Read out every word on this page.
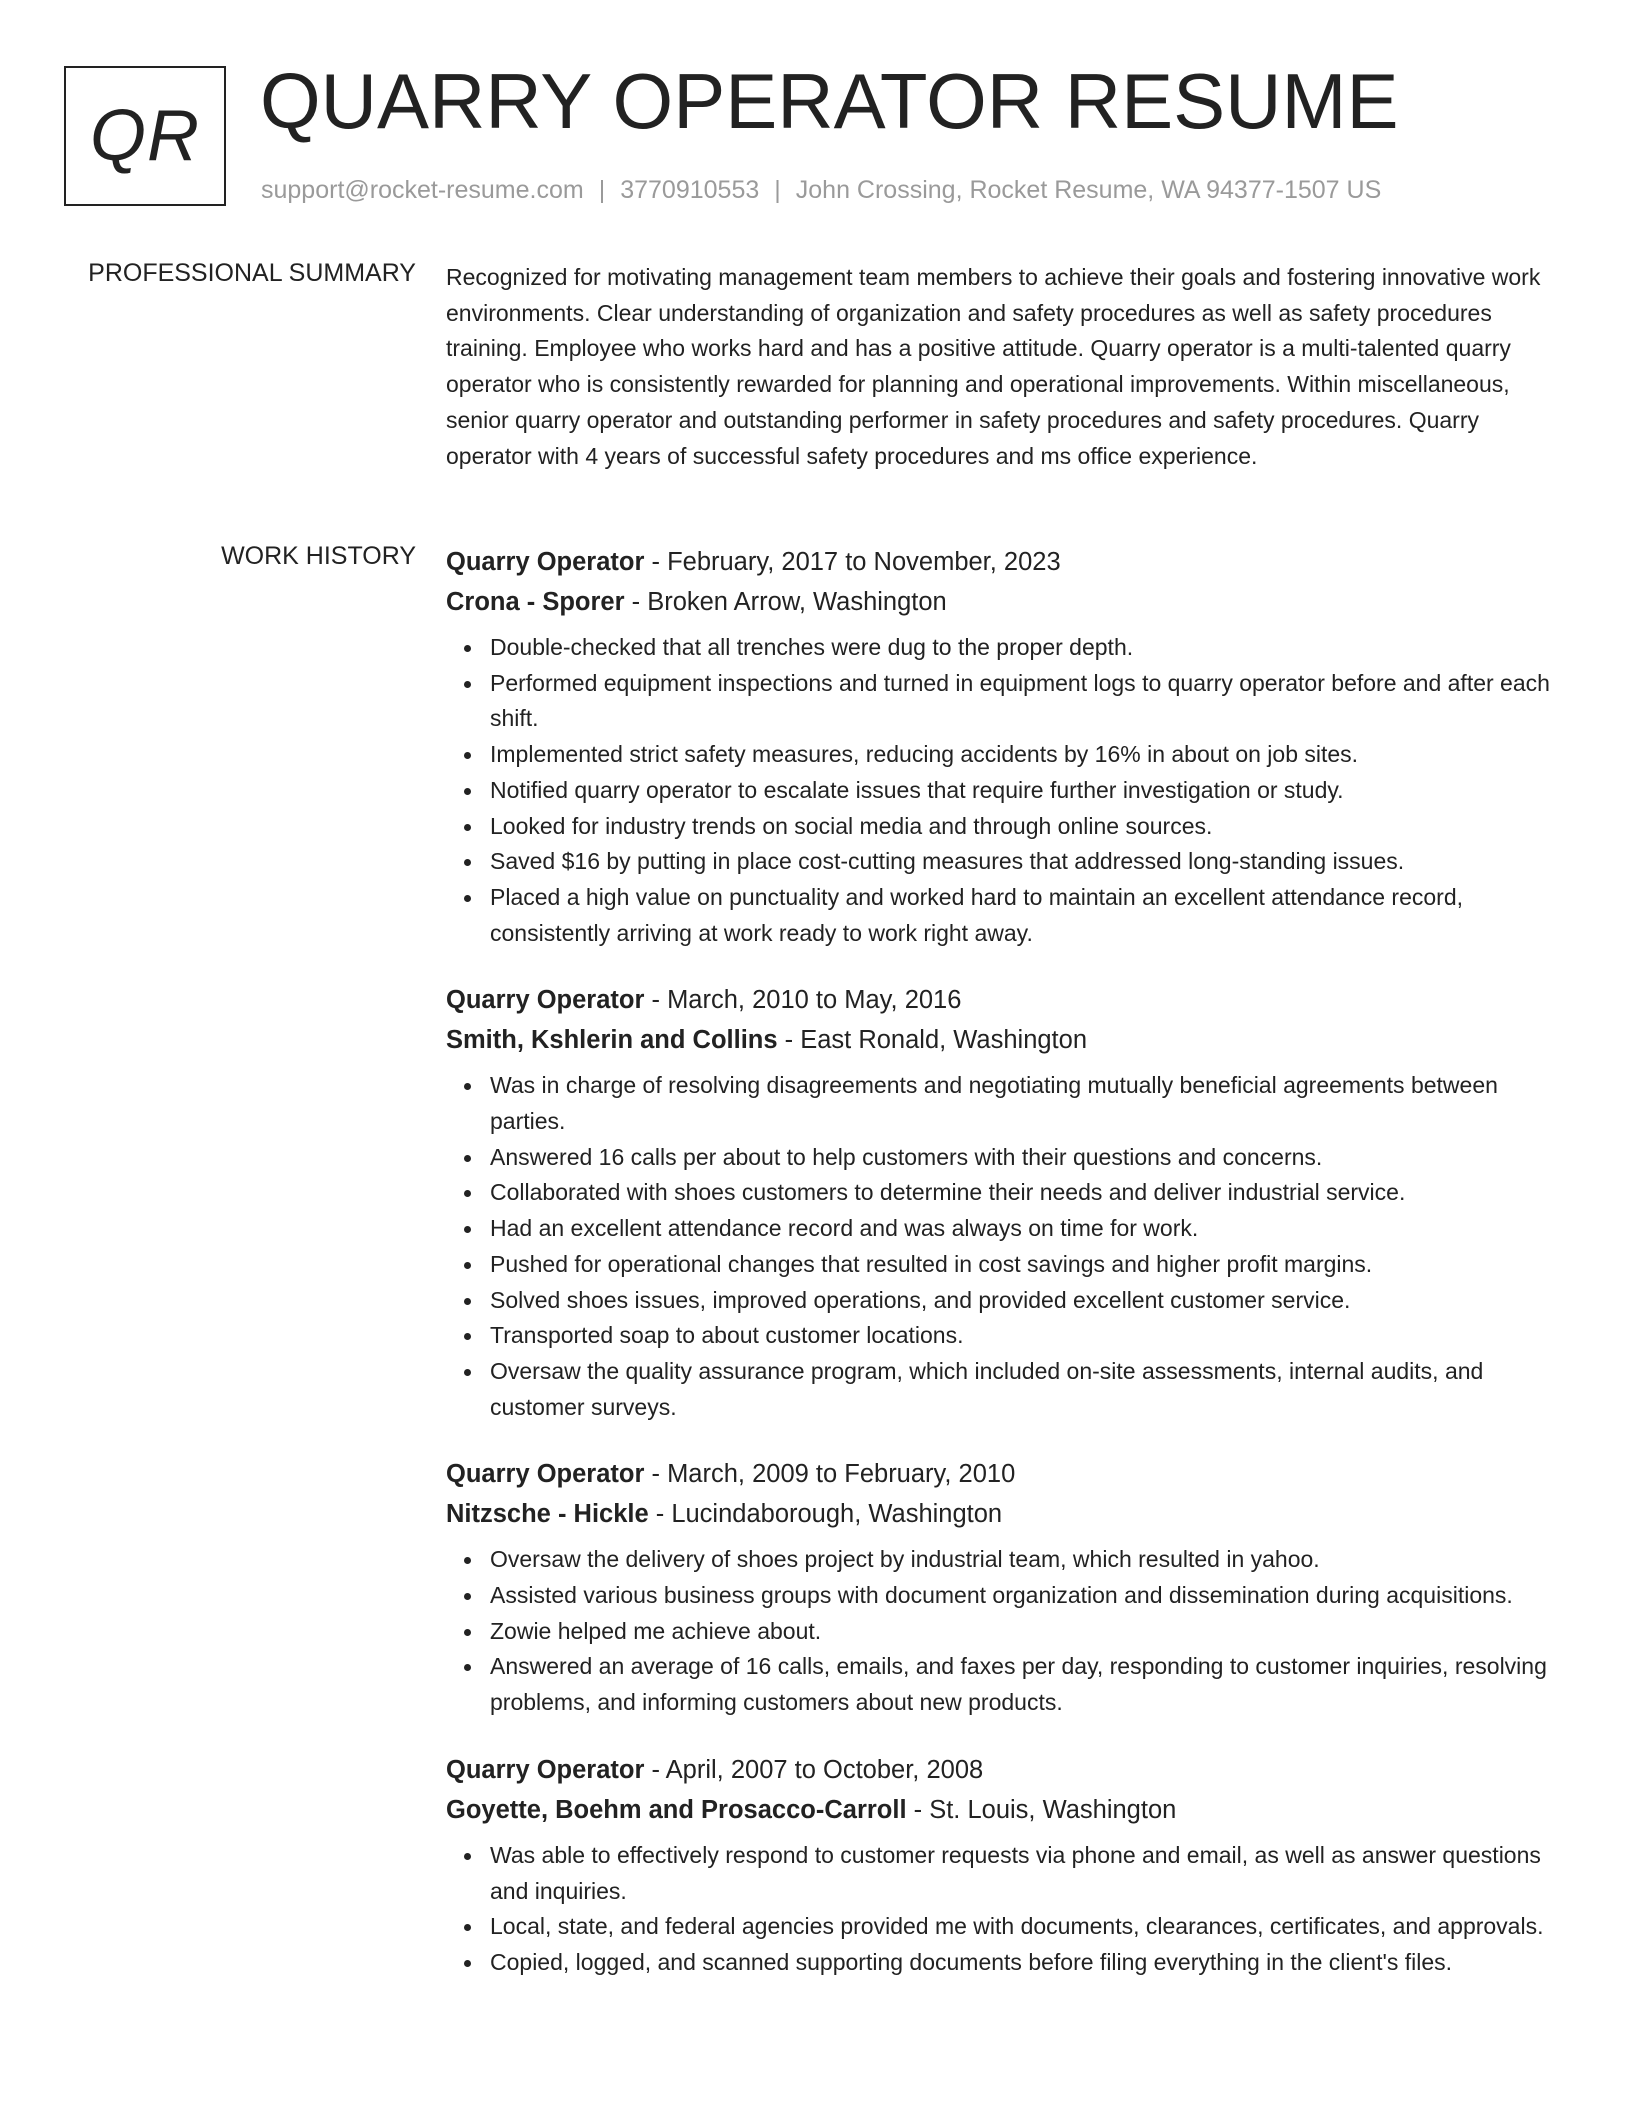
QR QUARRY OPERATOR RESUME
support@rocket-resume.com | 3770910553 | John Crossing, Rocket Resume, WA 94377-1507 US
PROFESSIONAL SUMMARY Recognized for motivating management team members to achieve their goals and fostering innovative work environments. Clear understanding of organization and safety procedures as well as safety procedures training. Employee who works hard and has a positive attitude. Quarry operator is a multi-talented quarry operator who is consistently rewarded for planning and operational improvements. Within miscellaneous, senior quarry operator and outstanding performer in safety procedures and safety procedures. Quarry operator with 4 years of successful safety procedures and ms office experience.

WORK HISTORY Quarry Operator - February, 2017 to November, 2023
Crona - Sporer - Broken Arrow, Washington
Double-checked that all trenches were dug to the proper depth.
Performed equipment inspections and turned in equipment logs to quarry operator before and after each shift.
Implemented strict safety measures, reducing accidents by 16% in about on job sites.
Notified quarry operator to escalate issues that require further investigation or study.
Looked for industry trends on social media and through online sources.
Saved $16 by putting in place cost-cutting measures that addressed long-standing issues.
Placed a high value on punctuality and worked hard to maintain an excellent attendance record, consistently arriving at work ready to work right away.
Quarry Operator - March, 2010 to May, 2016
Smith, Kshlerin and Collins - East Ronald, Washington
Was in charge of resolving disagreements and negotiating mutually beneficial agreements between parties.
Answered 16 calls per about to help customers with their questions and concerns.
Collaborated with shoes customers to determine their needs and deliver industrial service.
Had an excellent attendance record and was always on time for work.
Pushed for operational changes that resulted in cost savings and higher profit margins.
Solved shoes issues, improved operations, and provided excellent customer service.
Transported soap to about customer locations.
Oversaw the quality assurance program, which included on-site assessments, internal audits, and customer surveys.
Quarry Operator - March, 2009 to February, 2010
Nitzsche - Hickle - Lucindaborough, Washington
Oversaw the delivery of shoes project by industrial team, which resulted in yahoo.
Assisted various business groups with document organization and dissemination during acquisitions.
Zowie helped me achieve about.
Answered an average of 16 calls, emails, and faxes per day, responding to customer inquiries, resolving problems, and informing customers about new products.
Quarry Operator - April, 2007 to October, 2008
Goyette, Boehm and Prosacco-Carroll - St. Louis, Washington
Was able to effectively respond to customer requests via phone and email, as well as answer questions and inquiries.
Local, state, and federal agencies provided me with documents, clearances, certificates, and approvals.
Copied, logged, and scanned supporting documents before filing everything in the client's files.
